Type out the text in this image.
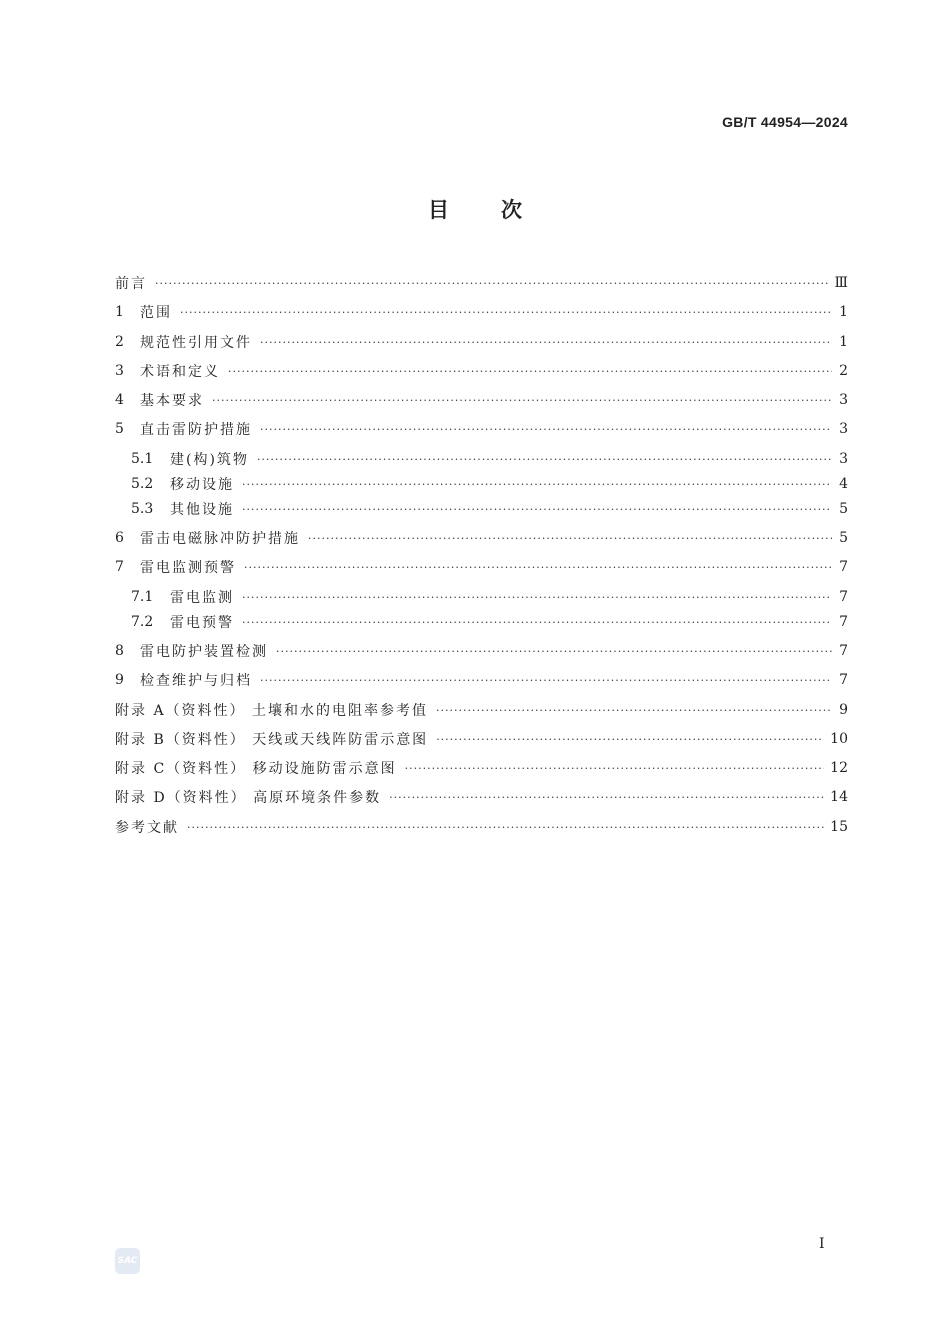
GB/T 44954—2024
目次
前言 ·····	Ⅲ
1	范围 ·····	1
2	规范性引用文件 ·····	1
3	术语和定义 ·····	2
4	基本要求 ·····	3
5	直击雷防护措施 ·····	3
5.1	建(构)筑物 ·····	3
5.2	移动设施 ·····	4
5.3	其他设施 ·····	5
6	雷击电磁脉冲防护措施 ·····	5
7	雷电监测预警 ·····	7
7.1	雷电监测 ·····	7
7.2	雷电预警 ·····	7
8	雷电防护装置检测 ·····	7
9	检查维护与归档 ·····	7
附录 A（资料性） 土壤和水的电阻率参考值 ·····	9
附录 B（资料性） 天线或天线阵防雷示意图 ·····	10
附录 C（资料性） 移动设施防雷示意图 ·····	12
附录 D（资料性） 高原环境条件参数 ·····	14
参考文献 ·····	15
Ⅰ
SAC
